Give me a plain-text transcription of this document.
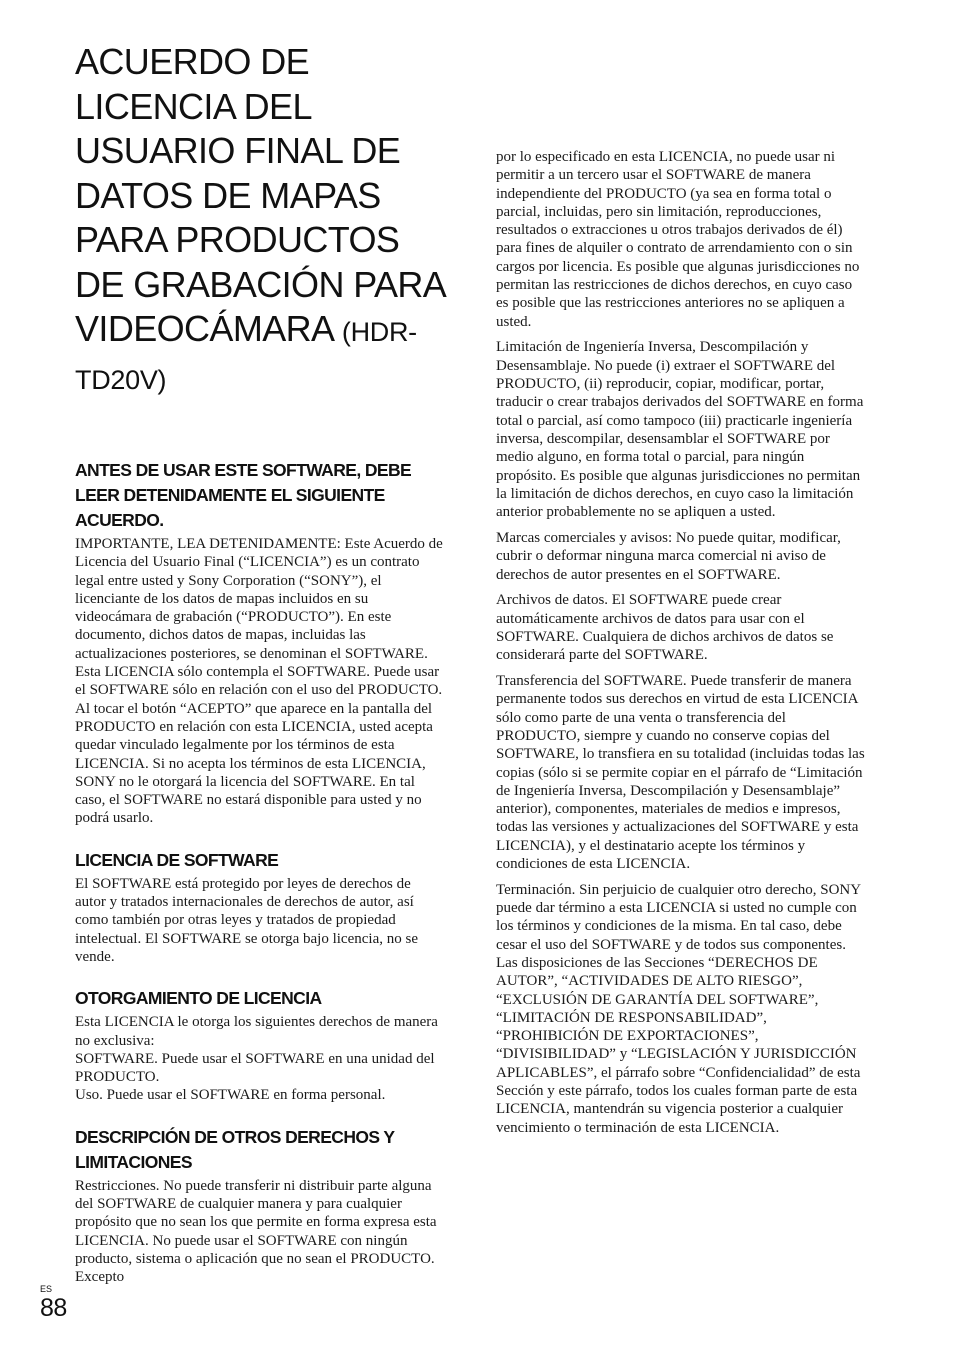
ACUERDO DE LICENCIA DEL USUARIO FINAL DE DATOS DE MAPAS PARA PRODUCTOS DE GRABACIÓN PARA VIDEOCÁMARA (HDR-TD20V)
ANTES DE USAR ESTE SOFTWARE, DEBE LEER DETENIDAMENTE EL SIGUIENTE ACUERDO.

IMPORTANTE, LEA DETENIDAMENTE: Este Acuerdo de Licencia del Usuario Final (“LICENCIA”) es un contrato legal entre usted y Sony Corporation (“SONY”), el licenciante de los datos de mapas incluidos en su videocámara de grabación (“PRODUCTO”). En este documento, dichos datos de mapas, incluidas las actualizaciones posteriores, se denominan el SOFTWARE. Esta LICENCIA sólo contempla el SOFTWARE. Puede usar el SOFTWARE sólo en relación con el uso del PRODUCTO. Al tocar el botón “ACEPTO” que aparece en la pantalla del PRODUCTO en relación con esta LICENCIA, usted acepta quedar vinculado legalmente por los términos de esta LICENCIA. Si no acepta los términos de esta LICENCIA, SONY no le otorgará la licencia del SOFTWARE. En tal caso, el SOFTWARE no estará disponible para usted y no podrá usarlo.

LICENCIA DE SOFTWARE

El SOFTWARE está protegido por leyes de derechos de autor y tratados internacionales de derechos de autor, así como también por otras leyes y tratados de propiedad intelectual. El SOFTWARE se otorga bajo licencia, no se vende.

OTORGAMIENTO DE LICENCIA

Esta LICENCIA le otorga los siguientes derechos de manera no exclusiva:

SOFTWARE. Puede usar el SOFTWARE en una unidad del PRODUCTO.

Uso. Puede usar el SOFTWARE en forma personal.

DESCRIPCIÓN DE OTROS DERECHOS Y LIMITACIONES

Restricciones. No puede transferir ni distribuir parte alguna del SOFTWARE de cualquier manera y para cualquier propósito que no sean los que permite en forma expresa esta LICENCIA. No puede usar el SOFTWARE con ningún producto, sistema o aplicación que no sean el PRODUCTO. Excepto

por lo especificado en esta LICENCIA, no puede usar ni permitir a un tercero usar el SOFTWARE de manera independiente del PRODUCTO (ya sea en forma total o parcial, incluidas, pero sin limitación, reproducciones, resultados o extracciones u otros trabajos derivados de él) para fines de alquiler o contrato de arrendamiento con o sin cargos por licencia. Es posible que algunas jurisdicciones no permitan las restricciones de dichos derechos, en cuyo caso es posible que las restricciones anteriores no se apliquen a usted.

Limitación de Ingeniería Inversa, Descompilación y Desensamblaje. No puede (i) extraer el SOFTWARE del PRODUCTO, (ii) reproducir, copiar, modificar, portar, traducir o crear trabajos derivados del SOFTWARE en forma total o parcial, así como tampoco (iii) practicarle ingeniería inversa, descompilar, desensamblar el SOFTWARE por medio alguno, en forma total o parcial, para ningún propósito. Es posible que algunas jurisdicciones no permitan la limitación de dichos derechos, en cuyo caso la limitación anterior probablemente no se apliquen a usted.

Marcas comerciales y avisos: No puede quitar, modificar, cubrir o deformar ninguna marca comercial ni aviso de derechos de autor presentes en el SOFTWARE.

Archivos de datos. El SOFTWARE puede crear automáticamente archivos de datos para usar con el SOFTWARE. Cualquiera de dichos archivos de datos se considerará parte del SOFTWARE.

Transferencia del SOFTWARE. Puede transferir de manera permanente todos sus derechos en virtud de esta LICENCIA sólo como parte de una venta o transferencia del PRODUCTO, siempre y cuando no conserve copias del SOFTWARE, lo transfiera en su totalidad (incluidas todas las copias (sólo si se permite copiar en el párrafo de “Limitación de Ingeniería Inversa, Descompilación y Desensamblaje” anterior), componentes, materiales de medios e impresos, todas las versiones y actualizaciones del SOFTWARE y esta LICENCIA), y el destinatario acepte los términos y condiciones de esta LICENCIA.

Terminación. Sin perjuicio de cualquier otro derecho, SONY puede dar término a esta LICENCIA si usted no cumple con los términos y condiciones de la misma. En tal caso, debe cesar el uso del SOFTWARE y de todos sus componentes. Las disposiciones de las Secciones “DERECHOS DE AUTOR”, “ACTIVIDADES DE ALTO RIESGO”, “EXCLUSIÓN DE GARANTÍA DEL SOFTWARE”, “LIMITACIÓN DE RESPONSABILIDAD”, “PROHIBICIÓN DE EXPORTACIONES”, “DIVISIBILIDAD” y “LEGISLACIÓN Y JURISDICCIÓN APLICABLES”, el párrafo sobre “Confidencialidad” de esta Sección y este párrafo, todos los cuales forman parte de esta LICENCIA, mantendrán su vigencia posterior a cualquier vencimiento o terminación de esta LICENCIA.

ES
88
